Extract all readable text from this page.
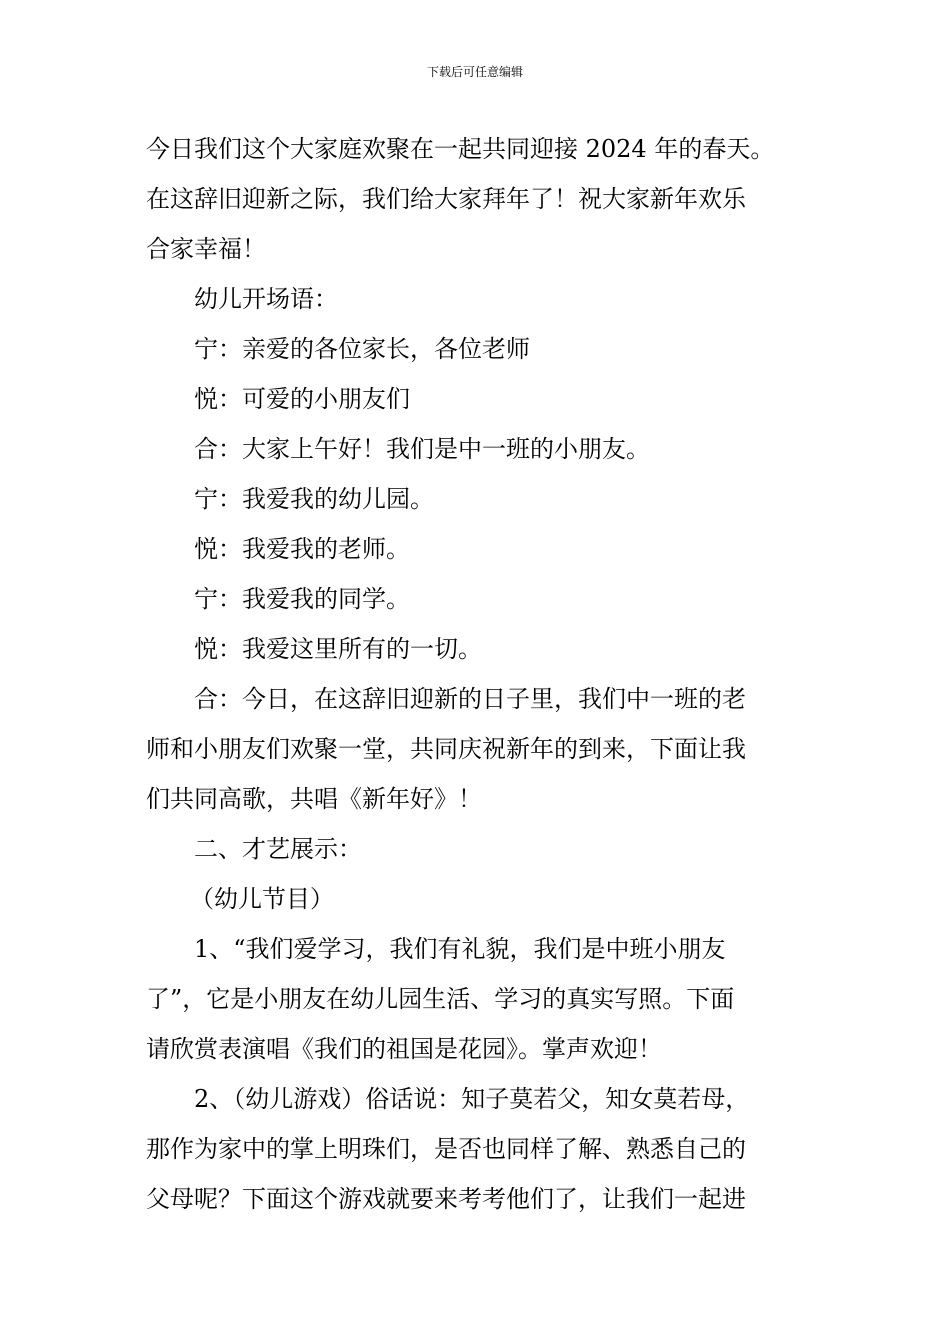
下载后可任意编辑

今日我们这个大家庭欢聚在一起共同迎接 2024 年的春天。

在这辞旧迎新之际，我们给大家拜年了！祝大家新年欢乐

合家幸福！

幼儿开场语：

宁：亲爱的各位家长，各位老师

悦：可爱的小朋友们

合：大家上午好！我们是中一班的小朋友。

宁：我爱我的幼儿园。

悦：我爱我的老师。

宁：我爱我的同学。

悦：我爱这里所有的一切。

合：今日，在这辞旧迎新的日子里，我们中一班的老

师和小朋友们欢聚一堂，共同庆祝新年的到来，下面让我

们共同高歌，共唱《新年好》！

二、才艺展示：

（幼儿节目）

1、“我们爱学习，我们有礼貌，我们是中班小朋友

了”，它是小朋友在幼儿园生活、学习的真实写照。下面

请欣赏表演唱《我们的祖国是花园》。掌声欢迎！

2、（幼儿游戏）俗话说：知子莫若父，知女莫若母，

那作为家中的掌上明珠们，是否也同样了解、熟悉自己的

父母呢？下面这个游戏就要来考考他们了，让我们一起进
